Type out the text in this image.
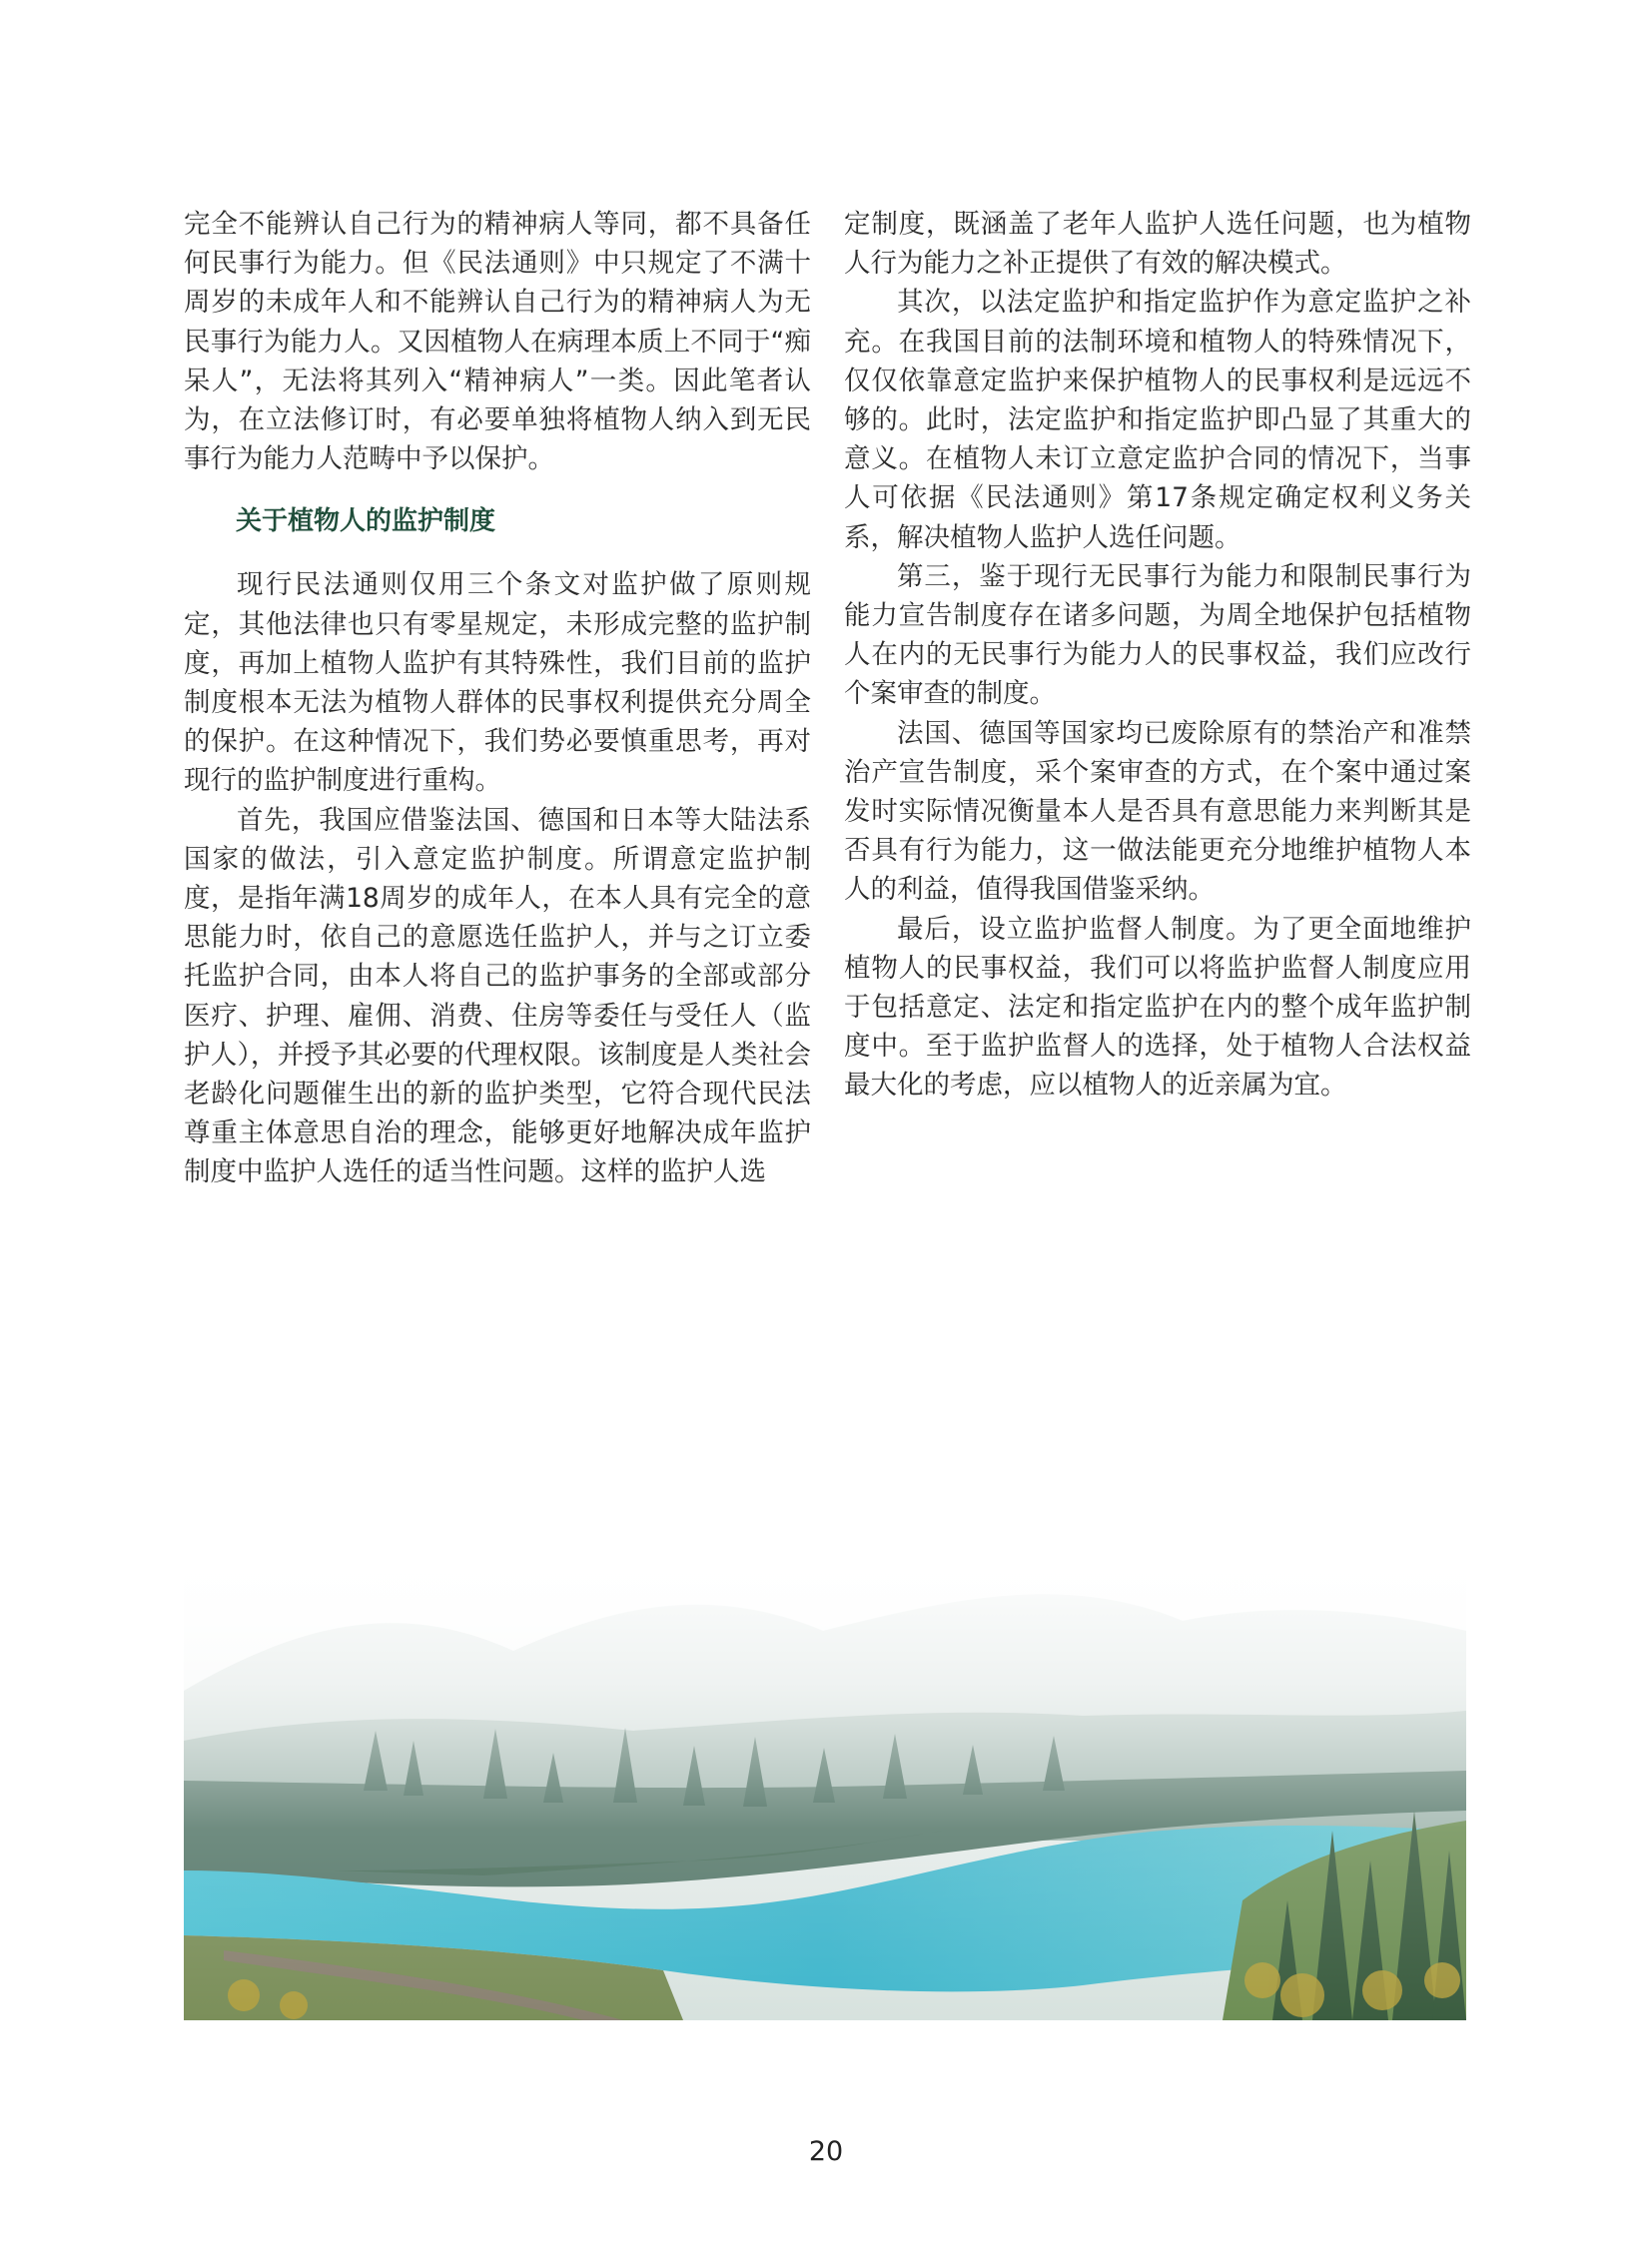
完全不能辨认自己行为的精神病人等同，都不具备任何民事行为能力。但《民法通则》中只规定了不满十周岁的未成年人和不能辨认自己行为的精神病人为无民事行为能力人。又因植物人在病理本质上不同于“痴呆人”，无法将其列入“精神病人”一类。因此笔者认为，在立法修订时，有必要单独将植物人纳入到无民事行为能力人范畴中予以保护。

关于植物人的监护制度

现行民法通则仅用三个条文对监护做了原则规定，其他法律也只有零星规定，未形成完整的监护制度，再加上植物人监护有其特殊性，我们目前的监护制度根本无法为植物人群体的民事权利提供充分周全的保护。在这种情况下，我们势必要慎重思考，再对现行的监护制度进行重构。

首先，我国应借鉴法国、德国和日本等大陆法系国家的做法，引入意定监护制度。所谓意定监护制度，是指年满18周岁的成年人，在本人具有完全的意思能力时，依自己的意愿选任监护人，并与之订立委托监护合同，由本人将自己的监护事务的全部或部分医疗、护理、雇佣、消费、住房等委任与受任人（监护人），并授予其必要的代理权限。该制度是人类社会老龄化问题催生出的新的监护类型，它符合现代民法尊重主体意思自治的理念，能够更好地解决成年监护制度中监护人选任的适当性问题。这样的监护人选

定制度，既涵盖了老年人监护人选任问题，也为植物人行为能力之补正提供了有效的解决模式。

其次，以法定监护和指定监护作为意定监护之补充。在我国目前的法制环境和植物人的特殊情况下，仅仅依靠意定监护来保护植物人的民事权利是远远不够的。此时，法定监护和指定监护即凸显了其重大的意义。在植物人未订立意定监护合同的情况下，当事人可依据《民法通则》第17条规定确定权利义务关系，解决植物人监护人选任问题。

第三，鉴于现行无民事行为能力和限制民事行为能力宣告制度存在诸多问题，为周全地保护包括植物人在内的无民事行为能力人的民事权益，我们应改行个案审查的制度。

法国、德国等国家均已废除原有的禁治产和准禁治产宣告制度，采个案审查的方式，在个案中通过案发时实际情况衡量本人是否具有意思能力来判断其是否具有行为能力，这一做法能更充分地维护植物人本人的利益，值得我国借鉴采纳。

最后，设立监护监督人制度。为了更全面地维护植物人的民事权益，我们可以将监护监督人制度应用于包括意定、法定和指定监护在内的整个成年监护制度中。至于监护监督人的选择，处于植物人合法权益最大化的考虑，应以植物人的近亲属为宜。

20
